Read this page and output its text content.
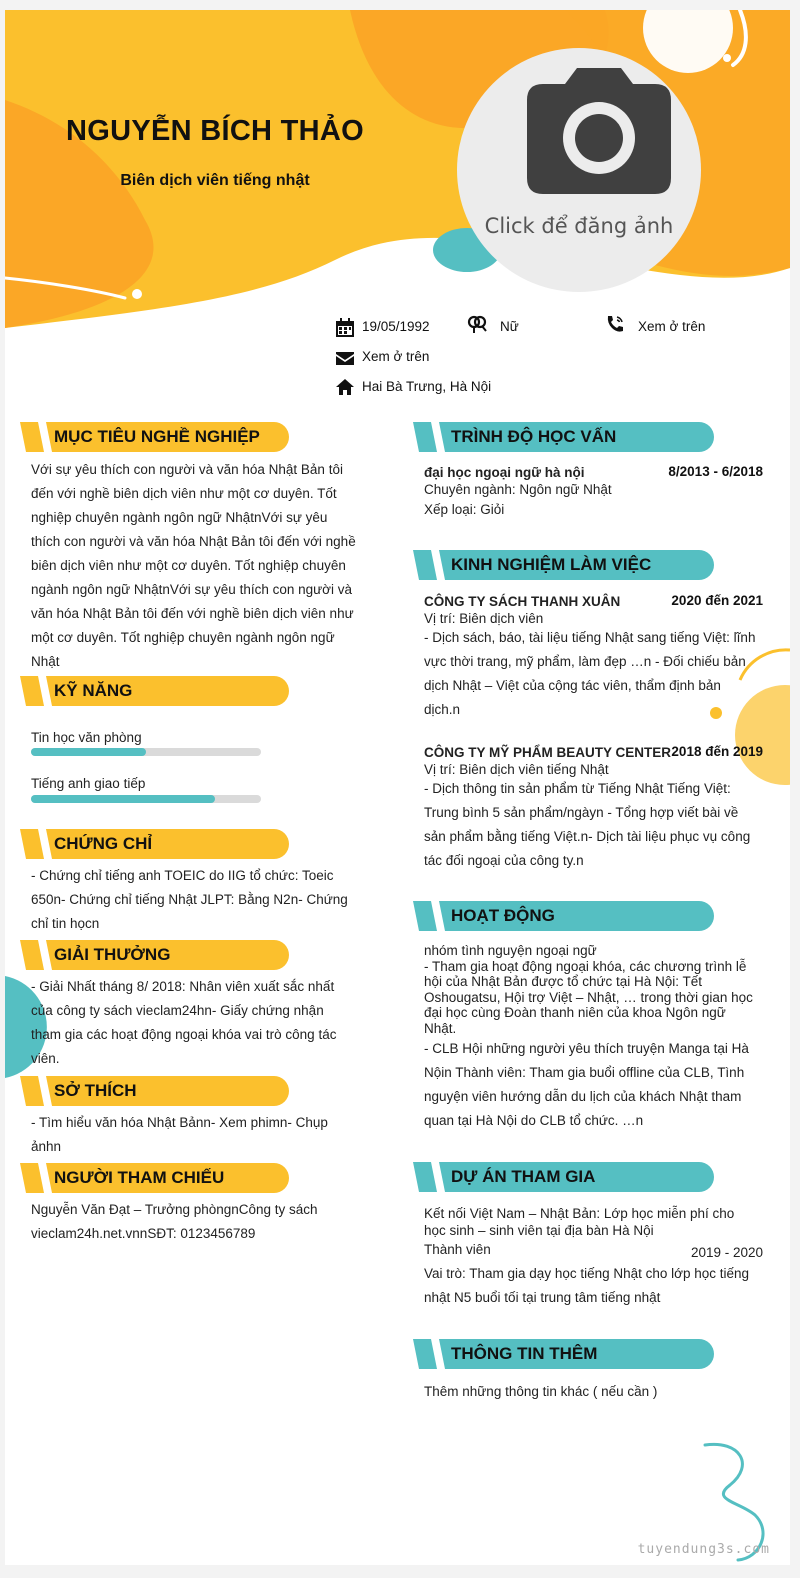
NGUYỄN BÍCH THẢO
Biên dịch viên tiếng nhật
Click để đăng ảnh
19/05/1992	Nữ	Xem ở trên
Xem ở trên
Hai Bà Trưng, Hà Nội
MỤC TIÊU NGHỀ NGHIỆP
Với sự yêu thích con người và văn hóa Nhật Bản tôi
đến với nghề biên dịch viên như một cơ duyên. Tốt
nghiệp chuyên ngành ngôn ngữ NhậtnVới sự yêu
thích con người và văn hóa Nhật Bản tôi đến với nghề
biên dịch viên như một cơ duyên. Tốt nghiệp chuyên
ngành ngôn ngữ NhậtnVới sự yêu thích con người và
văn hóa Nhật Bản tôi đến với nghề biên dịch viên như
một cơ duyên. Tốt nghiệp chuyên ngành ngôn ngữ
Nhật
KỸ NĂNG
Tin học văn phòng
Tiếng anh giao tiếp
CHỨNG CHỈ
- Chứng chỉ tiếng anh TOEIC do IIG tổ chức: Toeic
650n- Chứng chỉ tiếng Nhật JLPT: Bằng N2n- Chứng
chỉ tin họcn
GIẢI THƯỞNG
- Giải Nhất tháng 8/ 2018: Nhân viên xuất sắc nhất
của công ty sách vieclam24hn- Giấy chứng nhận
tham gia các hoạt động ngoại khóa vai trò công tác
viên.
SỞ THÍCH
- Tìm hiểu văn hóa Nhật Bảnn- Xem phimn- Chụp
ảnhn
NGƯỜI THAM CHIẾU
Nguyễn Văn Đạt – Trưởng phòngnCông ty sách
vieclam24h.net.vnnSĐT: 0123456789
TRÌNH ĐỘ HỌC VẤN
đại học ngoại ngữ hà nội	8/2013 - 6/2018
Chuyên ngành: Ngôn ngữ Nhật
Xếp loại: Giỏi
KINH NGHIỆM LÀM VIỆC
CÔNG TY SÁCH THANH XUÂN	2020 đến 2021
Vị trí: Biên dịch viên
- Dịch sách, báo, tài liệu tiếng Nhật sang tiếng Việt: lĩnh
vực thời trang, mỹ phẩm, làm đẹp …n - Đối chiếu bản
dịch Nhật – Việt của cộng tác viên, thẩm định bản
dịch.n
CÔNG TY MỸ PHẨM BEAUTY CENTER 2018 đến 2019
Vị trí: Biên dịch viên tiếng Nhật
- Dịch thông tin sản phẩm từ Tiếng Nhật Tiếng Việt:
Trung bình 5 sản phẩm/ngàyn - Tổng hợp viết bài về
sản phẩm bằng tiếng Việt.n- Dịch tài liệu phục vụ công
tác đối ngoại của công ty.n
HOẠT ĐỘNG
nhóm tình nguyện ngoại ngữ
- Tham gia hoạt động ngoại khóa, các chương trình lễ
hội của Nhật Bản được tổ chức tại Hà Nội: Tết
Oshougatsu, Hội trợ Việt – Nhật, … trong thời gian học
đại học cùng Đoàn thanh niên của khoa Ngôn ngữ
Nhật.
- CLB Hội những người yêu thích truyện Manga tại Hà
Nộin Thành viên: Tham gia buổi offline của CLB, Tình
nguyện viên hướng dẫn du lịch của khách Nhật tham
quan tại Hà Nội do CLB tổ chức. …n
DỰ ÁN THAM GIA
Kết nối Việt Nam – Nhật Bản: Lớp học miễn phí cho
học sinh – sinh viên tại địa bàn Hà Nội
Thành viên	2019 - 2020
Vai trò: Tham gia dạy học tiếng Nhật cho lớp học tiếng
nhật N5 buổi tối tại trung tâm tiếng nhật
THÔNG TIN THÊM
Thêm những thông tin khác ( nếu cần )
tuyendung3s.com
